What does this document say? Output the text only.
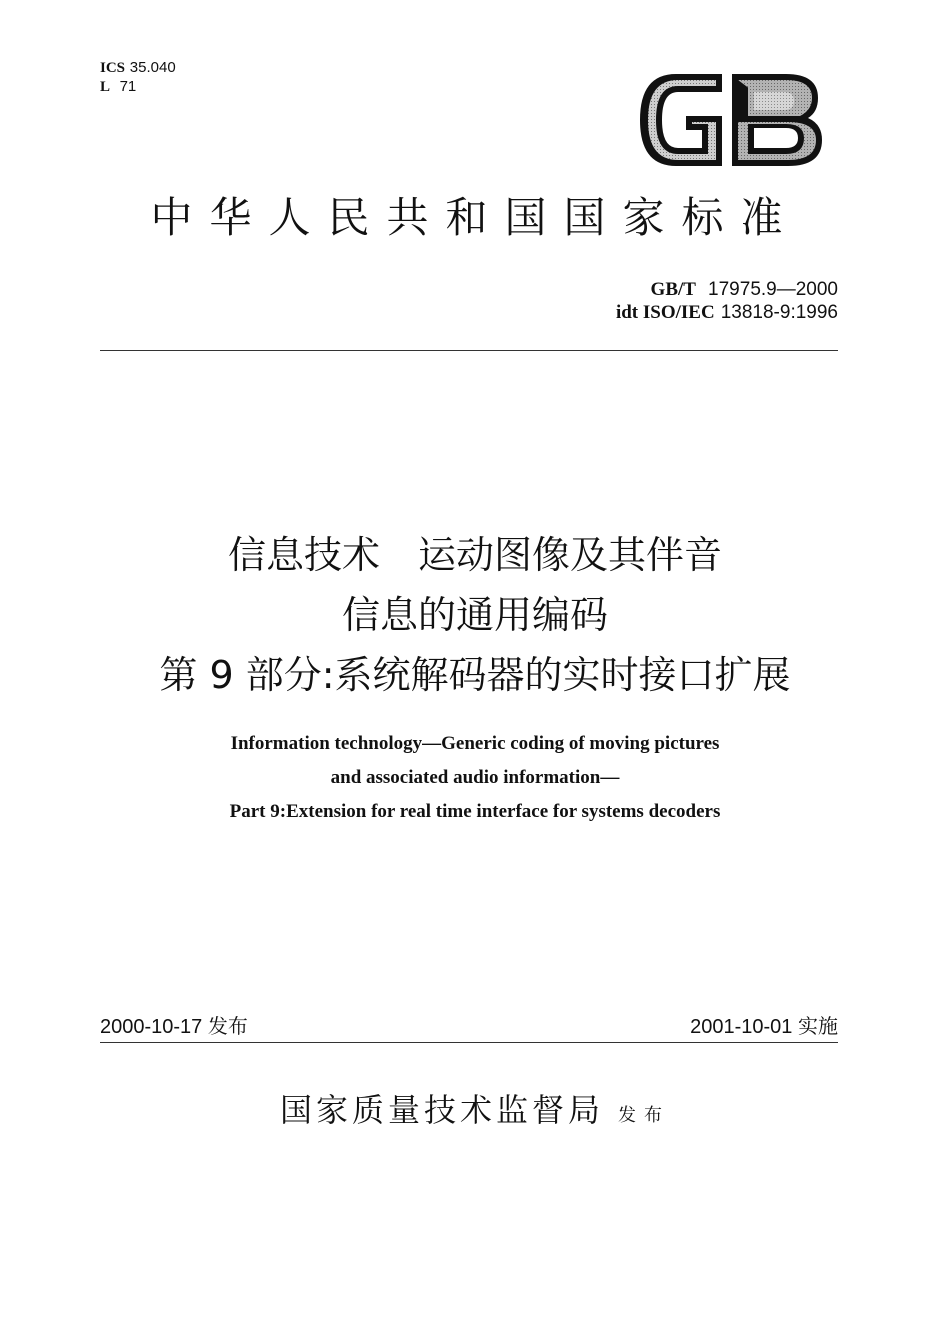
ICS 35.040
L 71
中华人民共和国国家标准
GB/T 17975.9—2000
idt ISO/IEC 13818-9:1996
信息技术　运动图像及其伴音
信息的通用编码
第 9 部分:系统解码器的实时接口扩展
Information technology—Generic coding of moving pictures
and associated audio information—
Part 9:Extension for real time interface for systems decoders
2000-10-17 发布	2001-10-01 实施
国家质量技术监督局 发布
